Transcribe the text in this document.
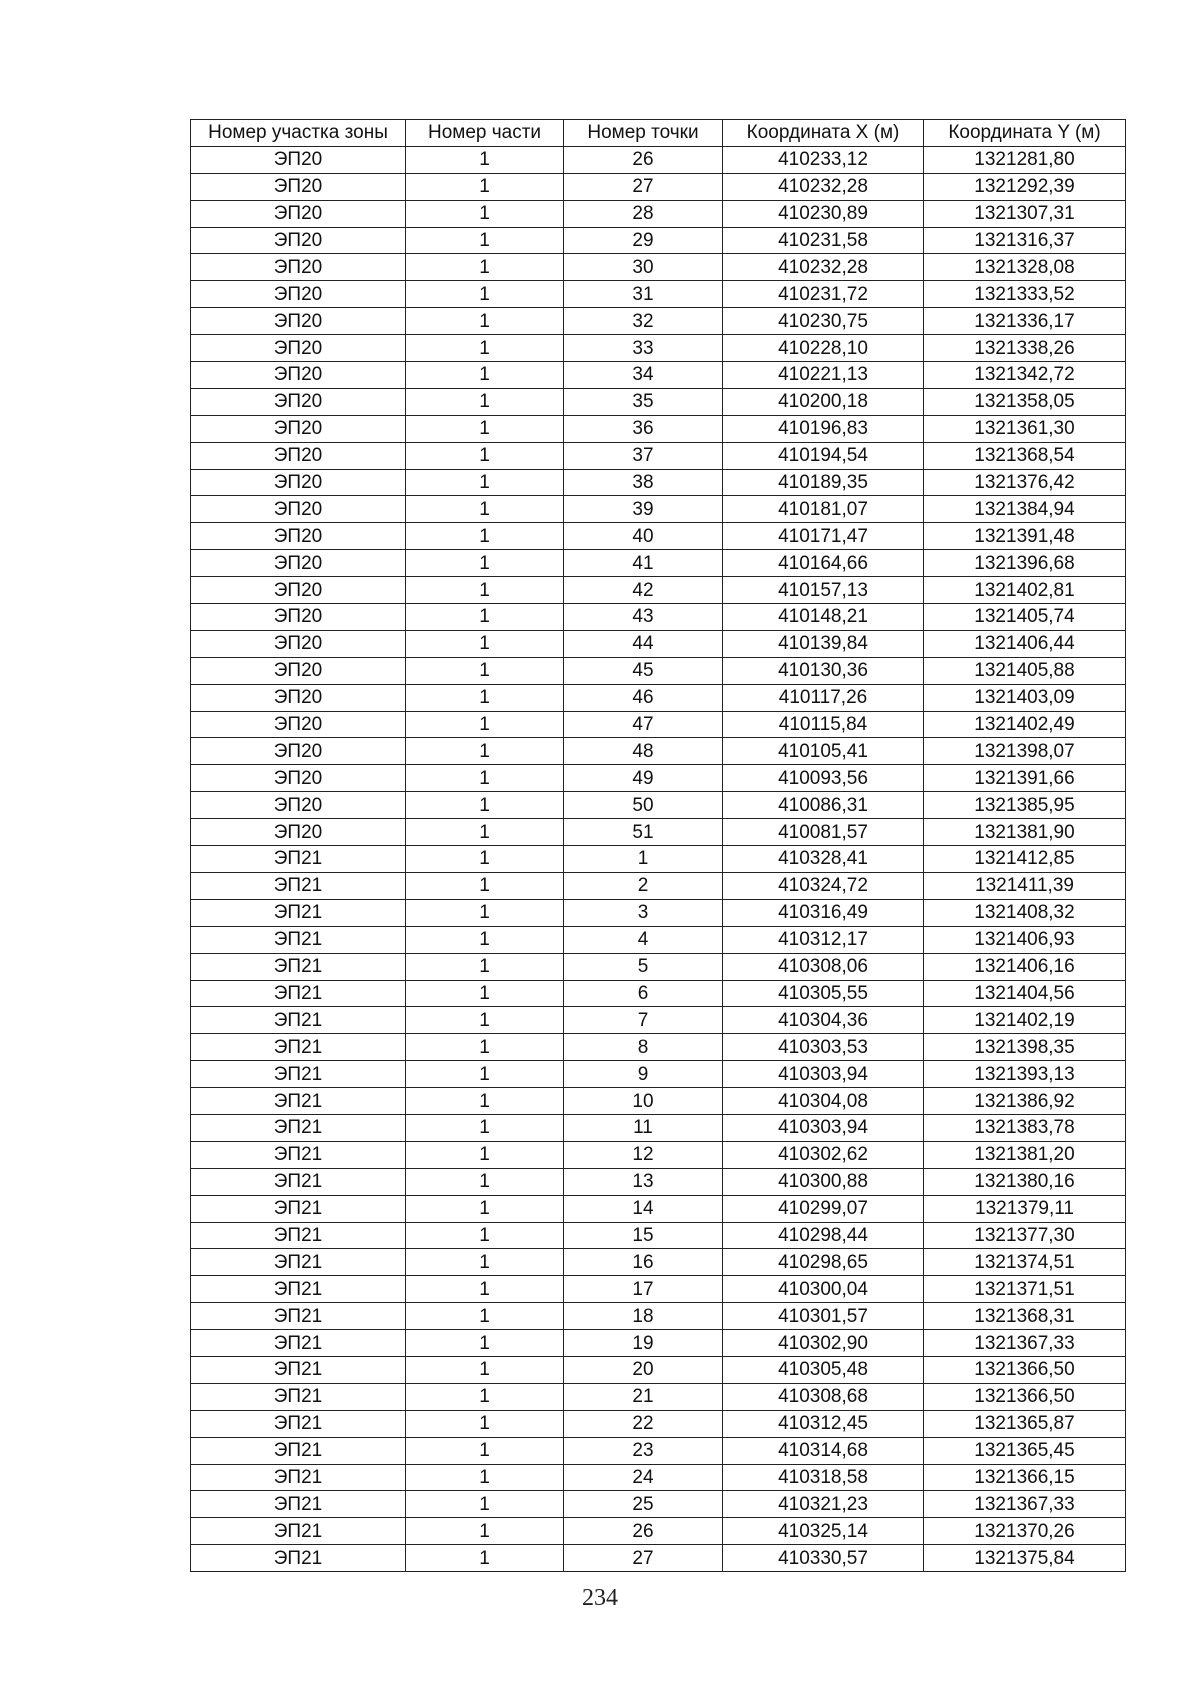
Номер участка зоны	Номер части	Номер точки	Координата X (м)	Координата Y (м)
ЭП20	1	26	410233,12	1321281,80
ЭП20	1	27	410232,28	1321292,39
ЭП20	1	28	410230,89	1321307,31
ЭП20	1	29	410231,58	1321316,37
ЭП20	1	30	410232,28	1321328,08
ЭП20	1	31	410231,72	1321333,52
ЭП20	1	32	410230,75	1321336,17
ЭП20	1	33	410228,10	1321338,26
ЭП20	1	34	410221,13	1321342,72
ЭП20	1	35	410200,18	1321358,05
ЭП20	1	36	410196,83	1321361,30
ЭП20	1	37	410194,54	1321368,54
ЭП20	1	38	410189,35	1321376,42
ЭП20	1	39	410181,07	1321384,94
ЭП20	1	40	410171,47	1321391,48
ЭП20	1	41	410164,66	1321396,68
ЭП20	1	42	410157,13	1321402,81
ЭП20	1	43	410148,21	1321405,74
ЭП20	1	44	410139,84	1321406,44
ЭП20	1	45	410130,36	1321405,88
ЭП20	1	46	410117,26	1321403,09
ЭП20	1	47	410115,84	1321402,49
ЭП20	1	48	410105,41	1321398,07
ЭП20	1	49	410093,56	1321391,66
ЭП20	1	50	410086,31	1321385,95
ЭП20	1	51	410081,57	1321381,90
ЭП21	1	1	410328,41	1321412,85
ЭП21	1	2	410324,72	1321411,39
ЭП21	1	3	410316,49	1321408,32
ЭП21	1	4	410312,17	1321406,93
ЭП21	1	5	410308,06	1321406,16
ЭП21	1	6	410305,55	1321404,56
ЭП21	1	7	410304,36	1321402,19
ЭП21	1	8	410303,53	1321398,35
ЭП21	1	9	410303,94	1321393,13
ЭП21	1	10	410304,08	1321386,92
ЭП21	1	11	410303,94	1321383,78
ЭП21	1	12	410302,62	1321381,20
ЭП21	1	13	410300,88	1321380,16
ЭП21	1	14	410299,07	1321379,11
ЭП21	1	15	410298,44	1321377,30
ЭП21	1	16	410298,65	1321374,51
ЭП21	1	17	410300,04	1321371,51
ЭП21	1	18	410301,57	1321368,31
ЭП21	1	19	410302,90	1321367,33
ЭП21	1	20	410305,48	1321366,50
ЭП21	1	21	410308,68	1321366,50
ЭП21	1	22	410312,45	1321365,87
ЭП21	1	23	410314,68	1321365,45
ЭП21	1	24	410318,58	1321366,15
ЭП21	1	25	410321,23	1321367,33
ЭП21	1	26	410325,14	1321370,26
ЭП21	1	27	410330,57	1321375,84
234
